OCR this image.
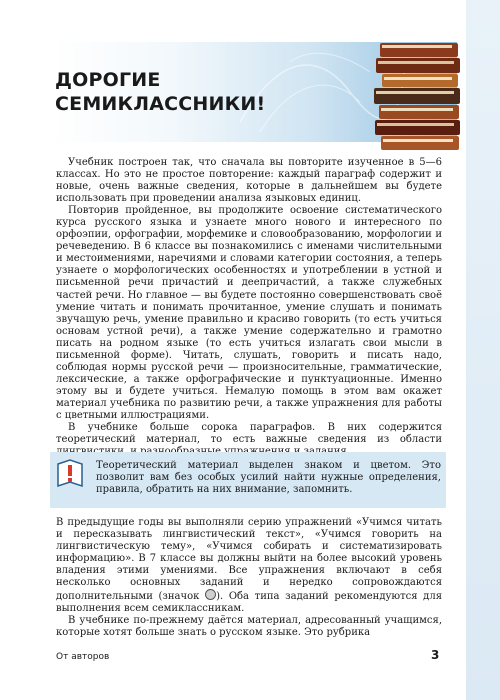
ДОРОГИЕ
СЕМИКЛАССНИКИ!

Учебник построен так, что сначала вы повторите изученное в 5—6 классах. Но это не простое повторение: каждый параграф содержит и новые, очень важные сведения, которые в дальнейшем вы будете использовать при проведении анализа языковых единиц.

Повторив пройденное, вы продолжите освоение систематического курса русского языка и узнаете много нового и интересного по орфоэпии, орфографии, морфемике и словообразованию, морфологии и речеведению. В 6 классе вы познакомились с именами числительными и местоимениями, наречиями и словами категории состояния, а теперь узнаете о морфологических особенностях и употреблении в устной и письменной речи причастий и деепричастий, а также служебных частей речи. Но главное — вы будете постоянно совершенствовать своё умение читать и понимать прочитанное, умение слушать и понимать звучащую речь, умение правильно и красиво говорить (то есть учиться основам устной речи), а также умение содержательно и грамотно писать на родном языке (то есть учиться излагать свои мысли в письменной форме). Читать, слушать, говорить и писать надо, соблюдая нормы русской речи — произносительные, грамматические, лексические, а также орфографические и пунктуационные. Именно этому вы и будете учиться. Немалую помощь в этом вам окажет материал учебника по развитию речи, а также упражнения для работы с цветными иллюстрациями.

В учебнике больше сорока параграфов. В них содержится теоретический материал, то есть важные сведения из области

Теоретический материал выделен знаком и цветом. Это позволит вам без особых усилий найти нужные определения, правила, обратить на них внимание, запомнить.

В предыдущие годы вы выполняли серию упражнений «Учимся читать и пересказывать лингвистический текст», «Учимся говорить на лингвистическую тему», «Учимся собирать и систематизировать информацию». В 7 классе вы должны выйти на более высокий уровень владения этими умениями. Все упражнения включают в себя несколько основных заданий и нередко сопровождаются дополнительными (значок ). Оба типа заданий рекомендуются для выполнения всем семиклассникам.

В учебнике по-прежнему даётся материал, адресованный учащимся, которые хотят больше знать о русском языке. Это рубрика

От авторов	3
